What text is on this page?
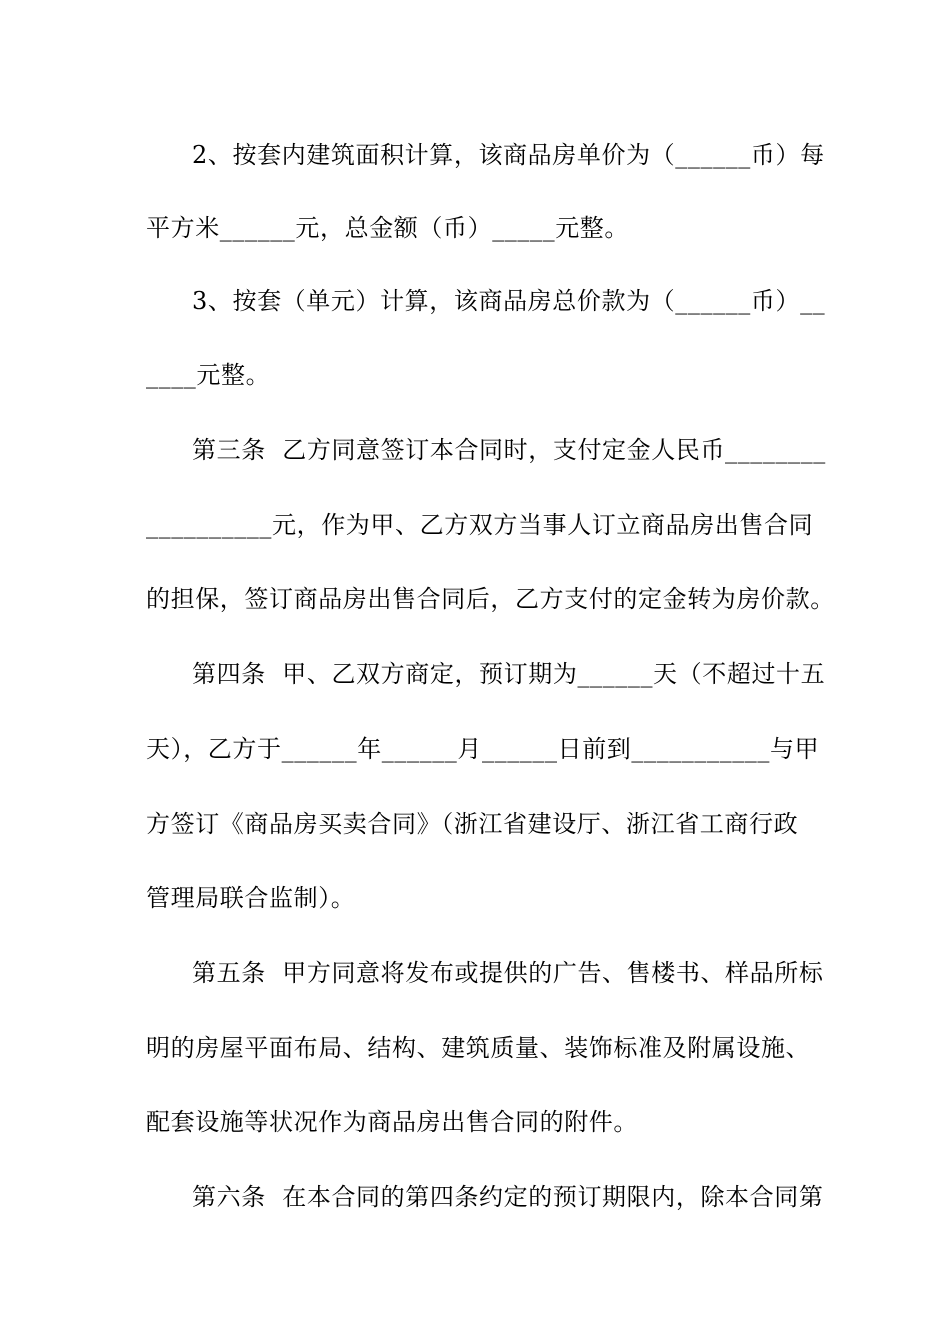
2、按套内建筑面积计算，该商品房单价为（______币）每
平方米______元，总金额（币）_____元整。
3、按套（单元）计算，该商品房总价款为（______币）__
____元整。
第三条  乙方同意签订本合同时，支付定金人民币________
__________元，作为甲、乙方双方当事人订立商品房出售合同
的担保，签订商品房出售合同后，乙方支付的定金转为房价款。
第四条  甲、乙双方商定，预订期为______天（不超过十五
天），乙方于______年______月______日前到___________与甲
方签订《商品房买卖合同》（浙江省建设厅、浙江省工商行政
管理局联合监制）。
第五条  甲方同意将发布或提供的广告、售楼书、样品所标
明的房屋平面布局、结构、建筑质量、装饰标准及附属设施、
配套设施等状况作为商品房出售合同的附件。
第六条  在本合同的第四条约定的预订期限内，除本合同第
